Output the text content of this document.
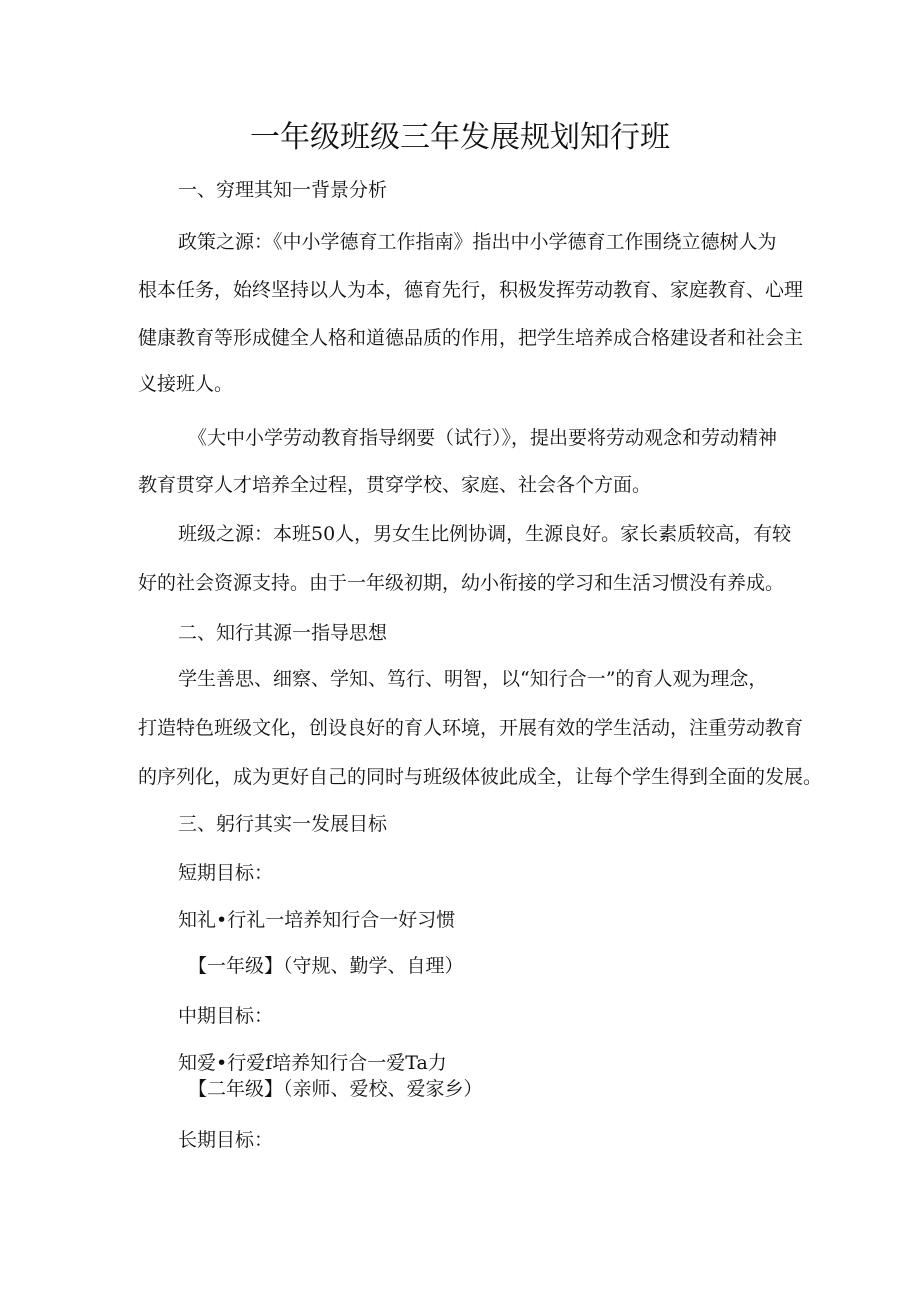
一年级班级三年发展规划知行班
一、穷理其知一背景分析
政策之源：《中小学德育工作指南》指出中小学德育工作围绕立德树人为
根本任务，始终坚持以人为本，德育先行，积极发挥劳动教育、家庭教育、心理
健康教育等形成健全人格和道德品质的作用，把学生培养成合格建设者和社会主
义接班人。
《大中小学劳动教育指导纲要（试行）》，提出要将劳动观念和劳动精神
教育贯穿人才培养全过程，贯穿学校、家庭、社会各个方面。
班级之源：本班50人，男女生比例协调，生源良好。家长素质较高，有较
好的社会资源支持。由于一年级初期，幼小衔接的学习和生活习惯没有养成。
二、知行其源一指导思想
学生善思、细察、学知、笃行、明智，以“知行合一”的育人观为理念，
打造特色班级文化，创设良好的育人环境，开展有效的学生活动，注重劳动教育
的序列化，成为更好自己的同时与班级体彼此成全，让每个学生得到全面的发展。
三、躬行其实一发展目标
短期目标：
知礼•行礼一培养知行合一好习惯
【一年级】（守规、勤学、自理）
中期目标：
知爱•行爱f培养知行合一爱Ta力
【二年级】（亲师、爱校、爱家乡）
长期目标：
